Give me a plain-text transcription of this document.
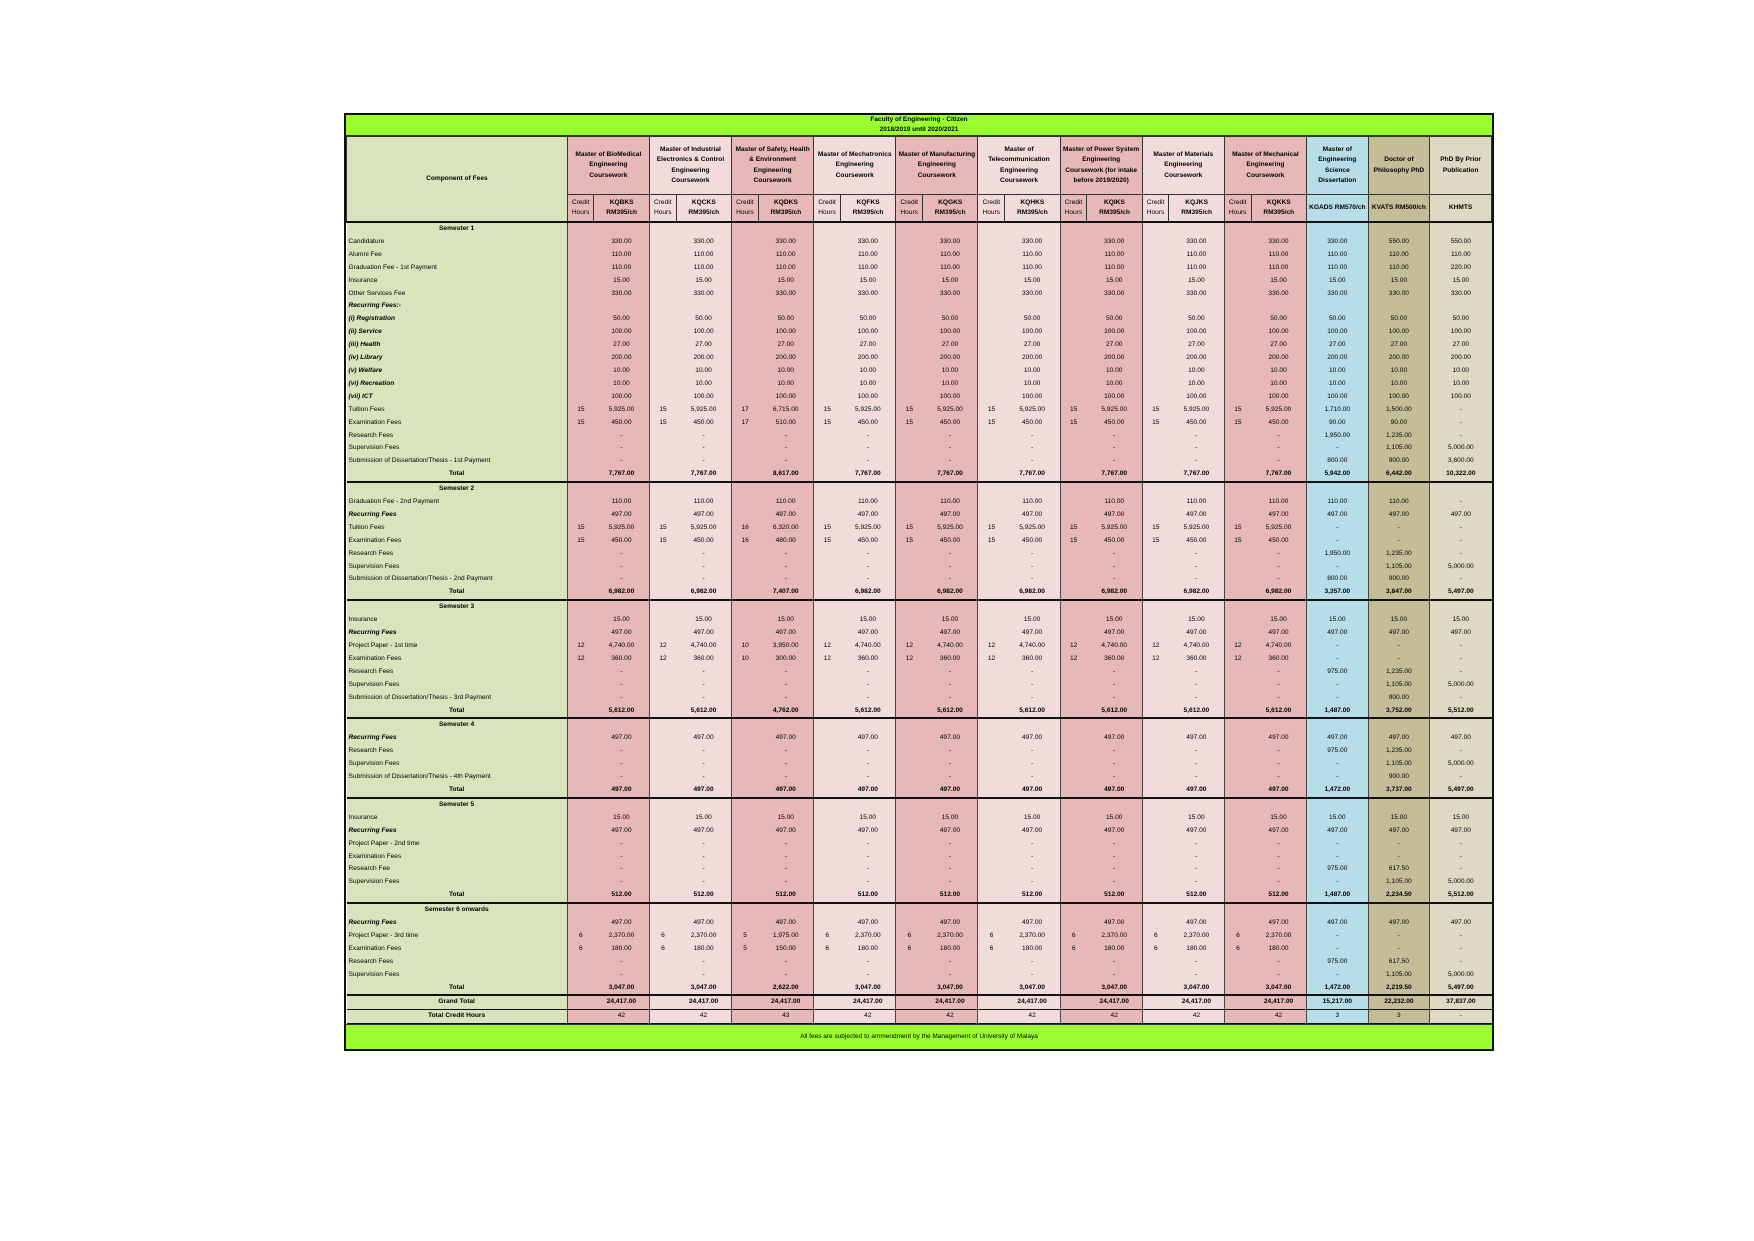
Faculty of Engineering - Citizen
2018/2019 until 2020/2021
Component of Fees	Master of BioMedical Engineering Coursework		Master of Industrial Electronics & Control Engineering Coursework		Master of Safety, Health & Environment Engineering Coursework		Master of Mechatronics Engineering Coursework		Master of Manufacturing Engineering Coursework		Master of Telecommunication Engineering Coursework		Master of Power System Engineering Coursework (for intake before 2019/2020)		Master of Materials Engineering Coursework		Master of Mechanical Engineering Coursework		Master of Engineering Science Dissertation	Doctor of Philosophy PhD	PhD By Prior Publication
	Credit Hours	KQBKS RM395/ch	Credit Hours	KQCKS RM395/ch	Credit Hours	KQDKS RM395/ch	Credit Hours	KQFKS RM395/ch	Credit Hours	KQGKS RM395/ch	Credit Hours	KQHKS RM395/ch	Credit Hours	KQIKS RM395/ch	Credit Hours	KQJKS RM395/ch	Credit Hours	KQKKS RM395/ch	KGADS RM570/ch	KVATS RM500/ch	KHMTS
Semester 1																					
Candidature		330.00		330.00		330.00		330.00		330.00		330.00		330.00		330.00		330.00	330.00	550.00	550.00
Alumni Fee		110.00		110.00		110.00		110.00		110.00		110.00		110.00		110.00		110.00	110.00	110.00	110.00
Graduation Fee - 1st Payment		110.00		110.00		110.00		110.00		110.00		110.00		110.00		110.00		110.00	110.00	110.00	220.00
Insurance		15.00		15.00		15.00		15.00		15.00		15.00		15.00		15.00		15.00	15.00	15.00	15.00
Other Services Fee		330.00		330.00		330.00		330.00		330.00		330.00		330.00		330.00		330.00	330.00	330.00	330.00
Recurring Fees:-																					
(i) Registration		50.00		50.00		50.00		50.00		50.00		50.00		50.00		50.00		50.00	50.00	50.00	50.00
(ii) Service		100.00		100.00		100.00		100.00		100.00		100.00		100.00		100.00		100.00	100.00	100.00	100.00
(iii) Health		27.00		27.00		27.00		27.00		27.00		27.00		27.00		27.00		27.00	27.00	27.00	27.00
(iv) Library		200.00		200.00		200.00		200.00		200.00		200.00		200.00		200.00		200.00	200.00	200.00	200.00
(v) Welfare		10.00		10.00		10.00		10.00		10.00		10.00		10.00		10.00		10.00	10.00	10.00	10.00
(vi) Recreation		10.00		10.00		10.00		10.00		10.00		10.00		10.00		10.00		10.00	10.00	10.00	10.00
(vii) ICT		100.00		100.00		100.00		100.00		100.00		100.00		100.00		100.00		100.00	100.00	100.00	100.00
Tuition Fees	15	5,925.00	15	5,925.00	17	6,715.00	15	5,925.00	15	5,925.00	15	5,925.00	15	5,925.00	15	5,925.00	15	5,925.00	1,710.00	1,500.00	-
Examination Fees	15	450.00	15	450.00	17	510.00	15	450.00	15	450.00	15	450.00	15	450.00	15	450.00	15	450.00	90.00	90.00	-
Research Fees		-		-		-		-		-		-		-		-		-	1,950.00	1,235.00	-
Supervision Fees		-		-		-		-		-		-		-		-		-	-	1,105.00	5,000.00
Submission of Dissertation/Thesis - 1st Payment		-		-		-		-		-		-		-		-		-	800.00	900.00	3,600.00
Total		7,767.00		7,767.00		8,617.00		7,767.00		7,767.00		7,767.00		7,767.00		7,767.00		7,767.00	5,942.00	6,442.00	10,322.00
Semester 2																					
Graduation Fee - 2nd Payment		110.00		110.00		110.00		110.00		110.00		110.00		110.00		110.00		110.00	110.00	110.00	-
Recurring Fees		497.00		497.00		497.00		497.00		497.00		497.00		497.00		497.00		497.00	497.00	497.00	497.00
Tuition Fees	15	5,925.00	15	5,925.00	16	6,320.00	15	5,925.00	15	5,925.00	15	5,925.00	15	5,925.00	15	5,925.00	15	5,925.00	-	-	-
Examination Fees	15	450.00	15	450.00	16	480.00	15	450.00	15	450.00	15	450.00	15	450.00	15	450.00	15	450.00	-	-	-
Research Fees		-		-		-		-		-		-		-		-		-	1,950.00	1,235.00	-
Supervision Fees		-		-		-		-		-		-		-		-		-	-	1,105.00	5,000.00
Submission of Dissertation/Thesis - 2nd Payment		-		-		-		-		-		-		-		-		-	800.00	900.00	-
Total		6,982.00		6,982.00		7,407.00		6,982.00		6,982.00		6,982.00		6,982.00		6,982.00		6,982.00	3,357.00	3,847.00	5,497.00
Semester 3																					
Insurance		15.00		15.00		15.00		15.00		15.00		15.00		15.00		15.00		15.00	15.00	15.00	15.00
Recurring Fees		497.00		497.00		497.00		497.00		497.00		497.00		497.00		497.00		497.00	497.00	497.00	497.00
Project Paper - 1st time	12	4,740.00	12	4,740.00	10	3,950.00	12	4,740.00	12	4,740.00	12	4,740.00	12	4,740.00	12	4,740.00	12	4,740.00	-	-	-
Examination Fees	12	360.00	12	360.00	10	300.00	12	360.00	12	360.00	12	360.00	12	360.00	12	360.00	12	360.00	-	-	-
Research Fees		-		-		-		-		-		-		-		-		-	975.00	1,235.00	-
Supervision Fees		-		-		-		-		-		-		-		-		-	-	1,105.00	5,000.00
Submission of Dissertation/Thesis - 3rd Payment		-		-		-		-		-		-		-		-		-	-	900.00	-
Total		5,612.00		5,612.00		4,762.00		5,612.00		5,612.00		5,612.00		5,612.00		5,612.00		5,612.00	1,487.00	3,752.00	5,512.00
Semester 4																					
Recurring Fees		497.00		497.00		497.00		497.00		497.00		497.00		497.00		497.00		497.00	497.00	497.00	497.00
Research Fees		-		-		-		-		-		-		-		-		-	975.00	1,235.00	-
Supervision Fees		-		-		-		-		-		-		-		-		-	-	1,105.00	5,000.00
Submission of Dissertation/Thesis - 4th Payment		-		-		-		-		-		-		-		-		-	-	900.00	-
Total		497.00		497.00		497.00		497.00		497.00		497.00		497.00		497.00		497.00	1,472.00	3,737.00	5,497.00
Semester 5																					
Insurance		15.00		15.00		15.00		15.00		15.00		15.00		15.00		15.00		15.00	15.00	15.00	15.00
Recurring Fees		497.00		497.00		497.00		497.00		497.00		497.00		497.00		497.00		497.00	497.00	497.00	497.00
Project Paper - 2nd time		-		-		-		-		-		-		-		-		-	-	-	-
Examination Fees		-		-		-		-		-		-		-		-		-	-	-	-
Research Fee		-		-		-		-		-		-		-		-		-	975.00	617.50	-
Supervision Fees		-		-		-		-		-		-		-		-		-	-	1,105.00	5,000.00
Total		512.00		512.00		512.00		512.00		512.00		512.00		512.00		512.00		512.00	1,487.00	2,234.50	5,512.00
Semester 6 onwards																					
Recurring Fees		497.00		497.00		497.00		497.00		497.00		497.00		497.00		497.00		497.00	497.00	497.00	497.00
Project Paper - 3rd time	6	2,370.00	6	2,370.00	5	1,975.00	6	2,370.00	6	2,370.00	6	2,370.00	6	2,370.00	6	2,370.00	6	2,370.00	-	-	-
Examination Fees	6	180.00	6	180.00	5	150.00	6	180.00	6	180.00	6	180.00	6	180.00	6	180.00	6	180.00	-	-	-
Research Fees		-		-		-		-		-		-		-		-		-	975.00	617.50	-
Supervision Fees		-		-		-		-		-		-		-		-		-	-	1,105.00	5,000.00
Total		3,047.00		3,047.00		2,622.00		3,047.00		3,047.00		3,047.00		3,047.00		3,047.00		3,047.00	1,472.00	2,219.50	5,497.00
Grand Total		24,417.00		24,417.00		24,417.00		24,417.00		24,417.00		24,417.00		24,417.00		24,417.00		24,417.00	15,217.00	22,232.00	37,837.00
Total Credit Hours		42		42		43		42		42		42		42		42		42	3	3	-
All fees are subjected to ammendment by the Management of University of Malaya
